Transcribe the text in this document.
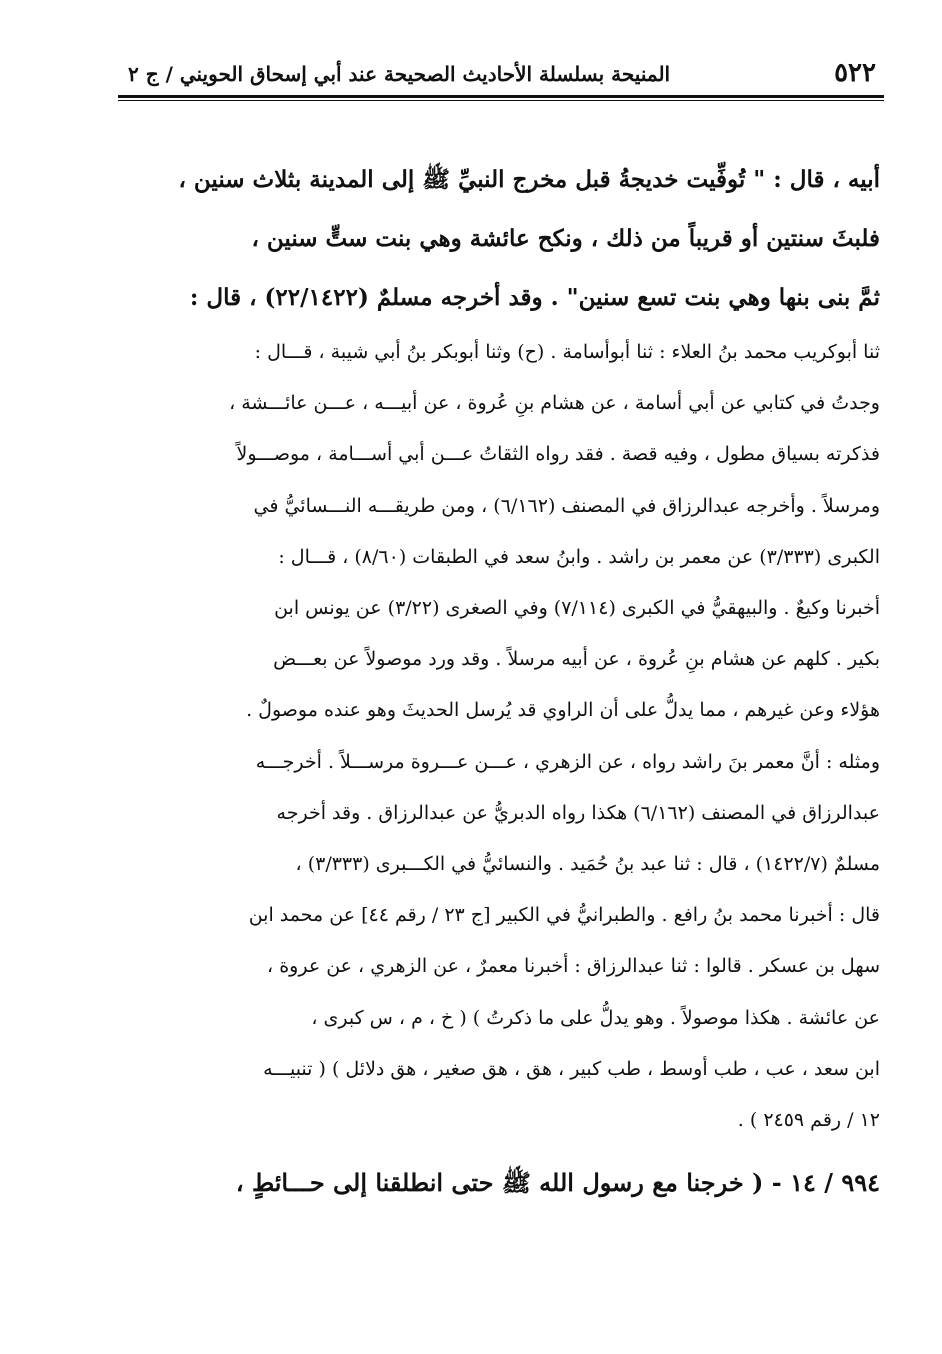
٥٢٢
المنيحة بسلسلة الأحاديث الصحيحة عند أبي إسحاق الحويني / ج ٢
أبيه ، قال : " تُوفِّيت خديجةُ قبل مخرج النبيِّ ﷺ إلى المدينة بثلاث سنين ،
فلبثَ سنتين أو قريباً من ذلك ، ونكح عائشة وهي بنت ستٍّ سنين ،
ثمَّ بنى بنها وهي بنت تسع سنين" . وقد أخرجه مسلمٌ (٢٢/١٤٢٢) ، قال :
ثنا أبوكريب محمد بنُ العلاء : ثنا أبوأسامة . (ح) وثنا أبوبكر بنُ أبي شيبة ، قـــال :
وجدتُ في كتابي عن أبي أسامة ، عن هشام بنِ عُروة ، عن أبيـــه ، عـــن عائـــشة ،
فذكرته بسياق مطول ، وفيه قصة . فقد رواه الثقاتُ عـــن أبي أســـامة ، موصـــولاً
ومرسلاً . وأخرجه عبدالرزاق في المصنف (٦/١٦٢) ، ومن طريقـــه النـــسائيُّ في
الكبرى (٣/٣٣٣) عن معمر بن راشد . وابنُ سعد في الطبقات (٨/٦٠) ، قـــال :
أخبرنا وكيعٌ . والبيهقيُّ في الكبرى (٧/١١٤) وفي الصغرى (٣/٢٢) عن يونس ابن
بكير . كلهم عن هشام بنِ عُروة ، عن أبيه مرسلاً . وقد ورد موصولاً عن بعـــض
هؤلاء وعن غيرهم ، مما يدلُّ على أن الراوي قد يُرسل الحديثَ وهو عنده موصولٌ .
ومثله : أنَّ معمر بنَ راشد رواه ، عن الزهري ، عـــن عـــروة مرســـلاً . أخرجـــه
عبدالرزاق في المصنف (٦/١٦٢) هكذا رواه الدبريُّ عن عبدالرزاق . وقد أخرجه
مسلمٌ (١٤٢٢/٧) ، قال : ثنا عبد بنُ حُمَيد . والنسائيُّ في الكـــبرى (٣/٣٣٣) ،
قال : أخبرنا محمد بنُ رافع . والطبرانيُّ في الكبير [ج ٢٣ / رقم ٤٤] عن محمد ابن
سهل بن عسكر . قالوا : ثنا عبدالرزاق : أخبرنا معمرٌ ، عن الزهري ، عن عروة ،
عن عائشة . هكذا موصولاً . وهو يدلُّ على ما ذكرتُ ) ( خ ، م ، س كبرى ،
ابن سعد ، عب ، طب أوسط ، طب كبير ، هق ، هق صغير ، هق دلائل ) ( تنبيـــه
١٢ / رقم ٢٤٥٩ ) .
٩٩٤ / ١٤ - ( خرجنا مع رسول الله ﷺ حتى انطلقنا إلى حـــائطٍ ،
